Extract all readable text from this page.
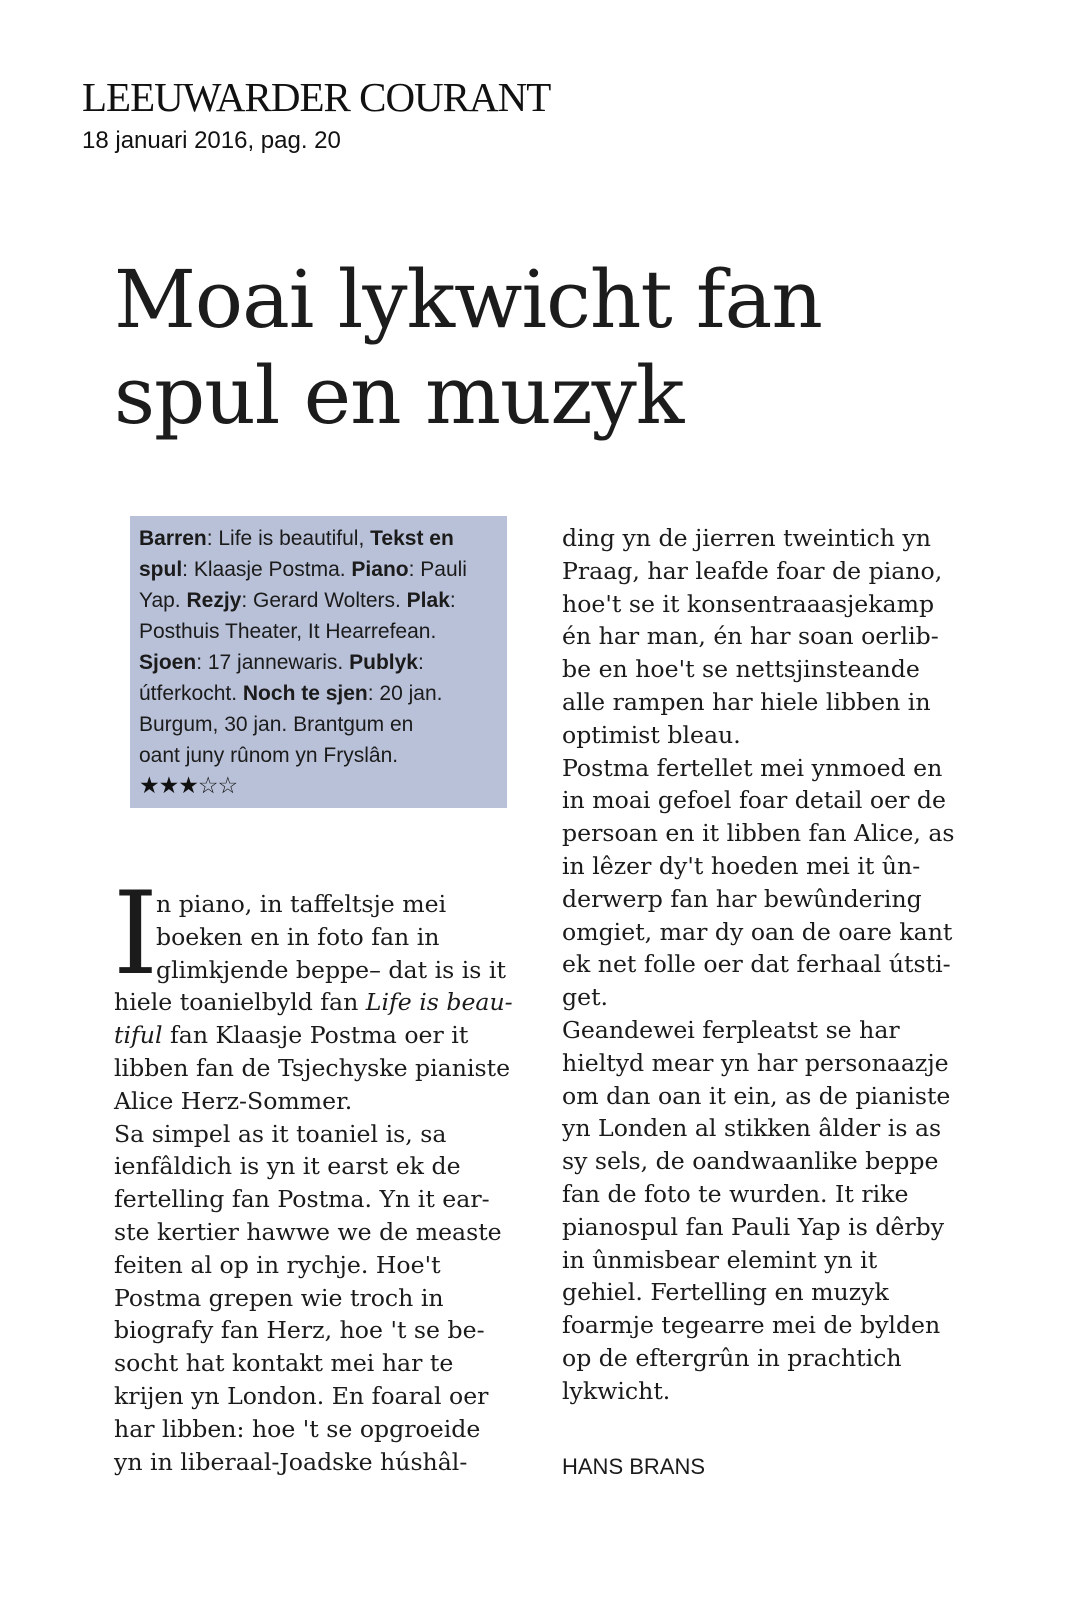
LEEUWARDER COURANT
18 januari 2016, pag. 20
Moai lykwicht fan
spul en muzyk
Barren: Life is beautiful, Tekst en
spul: Klaasje Postma. Piano: Pauli
Yap. Rezjy: Gerard Wolters. Plak:
Posthuis Theater, It Hearrefean.
Sjoen: 17 jannewaris. Publyk:
útferkocht. Noch te sjen: 20 jan.
Burgum, 30 jan. Brantgum en
oant juny rûnom yn Fryslân.
★★★☆☆
I
n piano, in taffeltsje mei
boeken en in foto fan in
glimkjende beppe– dat is is it
hiele toanielbyld fan Life is beau-
tiful fan Klaasje Postma oer it
libben fan de Tsjechyske pianiste
Alice Herz-Sommer.
Sa simpel as it toaniel is, sa
ienfâldich is yn it earst ek de
fertelling fan Postma. Yn it ear-
ste kertier hawwe we de measte
feiten al op in rychje. Hoe't
Postma grepen wie troch in
biografy fan Herz, hoe 't se be-
socht hat kontakt mei har te
krijen yn London. En foaral oer
har libben: hoe 't se opgroeide
yn in liberaal-Joadske húshâl-
ding yn de jierren tweintich yn
Praag, har leafde foar de piano,
hoe't se it konsentraaasjekamp
én har man, én har soan oerlib-
be en hoe't se nettsjinsteande
alle rampen har hiele libben in
optimist bleau.
Postma fertellet mei ynmoed en
in moai gefoel foar detail oer de
persoan en it libben fan Alice, as
in lêzer dy't hoeden mei it ûn-
derwerp fan har bewûndering
omgiet, mar dy oan de oare kant
ek net folle oer dat ferhaal útsti-
get.
Geandewei ferpleatst se har
hieltyd mear yn har personaazje
om dan oan it ein, as de pianiste
yn Londen al stikken âlder is as
sy sels, de oandwaanlike beppe
fan de foto te wurden. It rike
pianospul fan Pauli Yap is dêrby
in ûnmisbear elemint yn it
gehiel. Fertelling en muzyk
foarmje tegearre mei de bylden
op de eftergrûn in prachtich
lykwicht.
HANS BRANS
